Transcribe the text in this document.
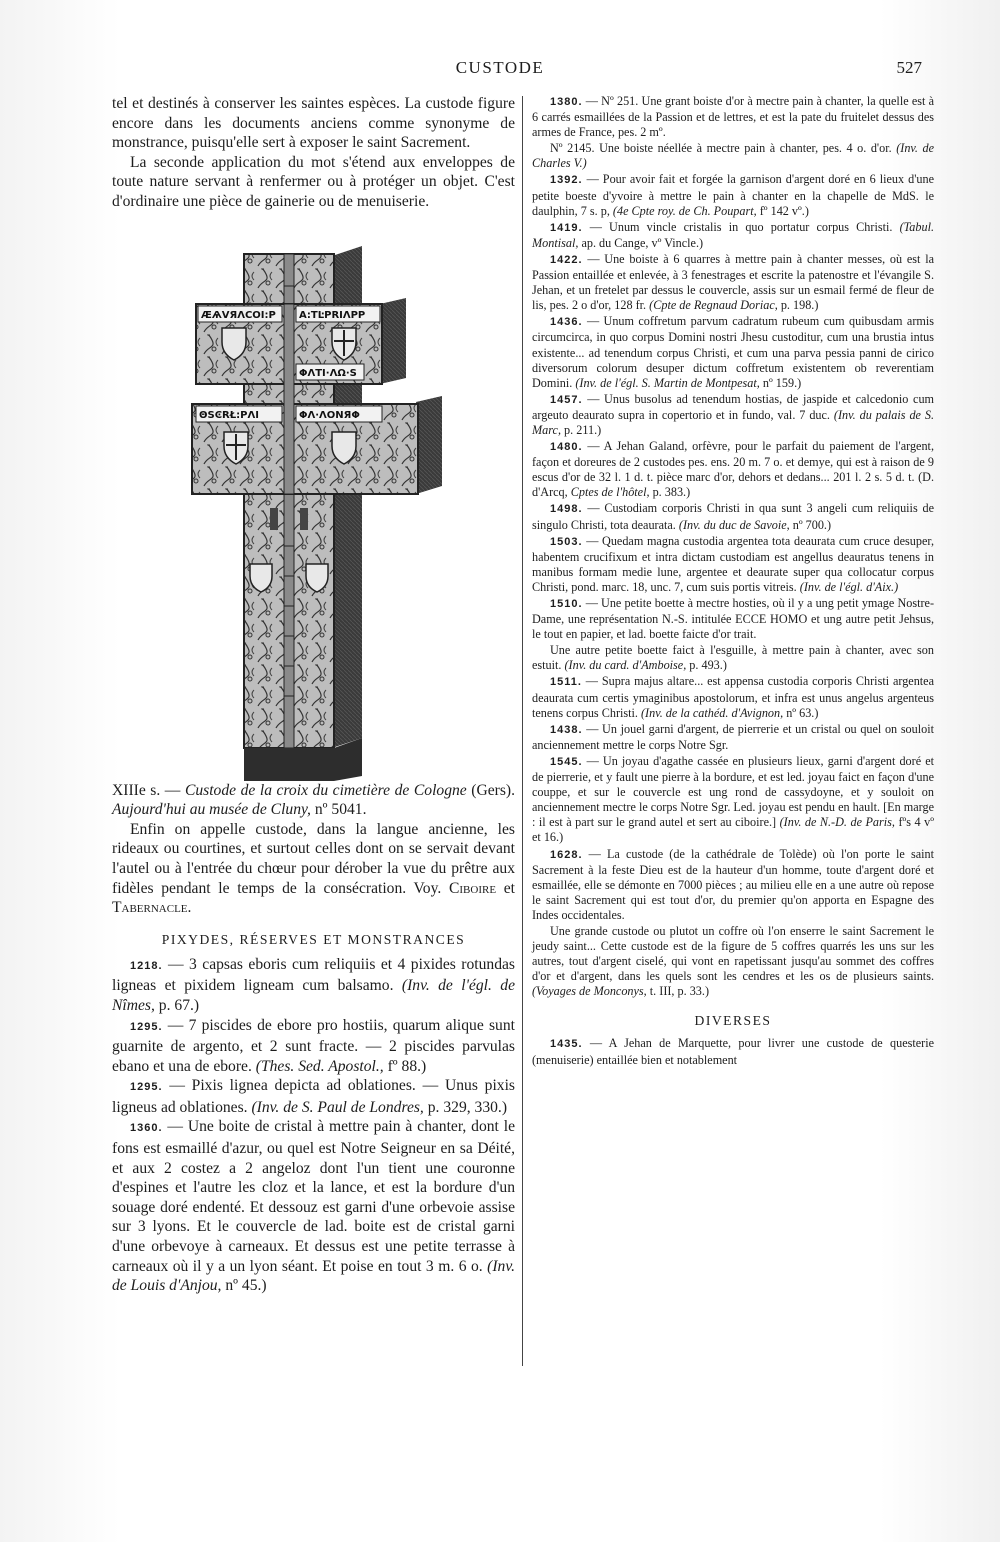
CUSTODE	527

tel et destinés à conserver les saintes espèces. La custode figure encore dans les documents anciens comme synonyme de monstrance, puisqu'elle sert à exposer le saint Sacrement.

La seconde application du mot s'étend aux enveloppes de toute nature servant à renfermer ou à protéger un objet. C'est d'ordinaire une pièce de gainerie ou de menuiserie.

ӔѦVЯΛСΟΙ:P A:TĿPRIΛPP
ΦΛTI·ΛΩ·S
ΘSϾRŁ:PΛI	ΦΛ·ΛΟNЯΦ

XIIIe s. — Custode de la croix du cimetière de Cologne (Gers). Aujourd'hui au musée de Cluny, nº 5041.

Enfin on appelle custode, dans la langue ancienne, les rideaux ou courtines, et surtout celles dont on se servait devant l'autel ou à l'entrée du chœur pour dérober la vue du prêtre aux fidèles pendant le temps de la consécration. Voy. Ciboire et Tabernacle.

PIXYDES, RÉSERVES ET MONSTRANCES

1218. — 3 capsas eboris cum reliquiis et 4 pixides rotundas ligneas et pixidem ligneam cum balsamo. (Inv. de l'égl. de Nîmes, p. 67.)

1295. — 7 piscides de ebore pro hostiis, quarum alique sunt guarnite de argento, et 2 sunt fracte. — 2 piscides parvulas ebano et una de ebore. (Thes. Sed. Apostol., fº 88.)

1295. — Pixis lignea depicta ad oblationes. — Unus pixis ligneus ad oblationes. (Inv. de S. Paul de Londres, p. 329, 330.)

1360. — Une boite de cristal à mettre pain à chanter, dont le fons est esmaillé d'azur, ou quel est Notre Seigneur en sa Déité, et aux 2 costez a 2 angeloz dont l'un tient une couronne d'espines et l'autre les cloz et la lance, et est la bordure d'un souage doré endenté. Et dessouz est garni d'une orbevoie assise sur 3 lyons. Et le couvercle de lad. boite est de cristal garni d'une orbevoye à carneaux. Et dessus est une petite terrasse à carneaux où il y a un lyon séant. Et poise en tout 3 m. 6 o. (Inv. de Louis d'Anjou, nº 45.)

1380. — Nº 251. Une grant boiste d'or à mectre pain à chanter, la quelle est à 6 carrés esmaillées de la Passion et de lettres, et est la pate du fruitelet dessus des armes de France, pes. 2 mº.

Nº 2145. Une boiste néellée à mectre pain à chanter, pes. 4 o. d'or. (Inv. de Charles V.)

1392. — Pour avoir fait et forgée la garnison d'argent doré en 6 lieux d'une petite boeste d'yvoire à mettre le pain à chanter en la chapelle de MdS. le daulphin, 7 s. p, (4e Cpte roy. de Ch. Poupart, fº 142 vº.)

1419. — Unum vincle cristalis in quo portatur corpus Christi. (Tabul. Montisal, ap. du Cange, vº Vincle.)

1422. — Une boiste à 6 quarres à mettre pain à chanter messes, où est la Passion entaillée et enlevée, à 3 fenestrages et escrite la patenostre et l'évangile S. Jehan, et un fretelet par dessus le couvercle, assis sur un esmail fermé de fleur de lis, pes. 2 o d'or, 128 fr. (Cpte de Regnaud Doriac, p. 198.)

1436. — Unum coffretum parvum cadratum rubeum cum quibusdam armis circumcirca, in quo corpus Domini nostri Jhesu custoditur, cum una brustia intus existente... ad tenendum corpus Christi, et cum una parva pessia panni de cirico diversorum colorum desuper dictum coffretum existentem ob reverentiam Domini. (Inv. de l'égl. S. Martin de Montpesat, nº 159.)

1457. — Unus busolus ad tenendum hostias, de jaspide et calcedonio cum argeuto deaurato supra in copertorio et in fundo, val. 7 duc. (Inv. du palais de S. Marc, p. 211.)

1480. — A Jehan Galand, orfèvre, pour le parfait du paiement de l'argent, façon et doreures de 2 custodes pes. ens. 20 m. 7 o. et demye, qui est à raison de 9 escus d'or de 32 l. 1 d. t. pièce marc d'or, dehors et dedans... 201 l. 2 s. 5 d. t. (D. d'Arcq, Cptes de l'hôtel, p. 383.)

1498. — Custodiam corporis Christi in qua sunt 3 angeli cum reliquiis de singulo Christi, tota deaurata. (Inv. du duc de Savoie, nº 700.)

1503. — Quedam magna custodia argentea tota deaurata cum cruce desuper, habentem crucifixum et intra dictam custodiam est angellus deauratus tenens in manibus formam medie lune, argentee et deaurate super qua collocatur corpus Christi, pond. marc. 18, unc. 7, cum suis portis vitreis. (Inv. de l'égl. d'Aix.)

1510. — Une petite boette à mectre hosties, où il y a ung petit ymage Nostre-Dame, une représentation N.-S. intitulée ECCE HOMO et ung autre petit Jehsus, le tout en papier, et lad. boette faicte d'or trait.

Une autre petite boette faict à l'esguille, à mettre pain à chanter, avec son estuit. (Inv. du card. d'Amboise, p. 493.)

1511. — Supra majus altare... est appensa custodia corporis Christi argentea deaurata cum certis ymaginibus apostolorum, et infra est unus angelus argenteus tenens corpus Christi. (Inv. de la cathéd. d'Avignon, nº 63.)

1438. — Un jouel garni d'argent, de pierrerie et un cristal ou quel on souloit anciennement mettre le corps Notre Sgr.

1545. — Un joyau d'agathe cassée en plusieurs lieux, garni d'argent doré et de pierrerie, et y fault une pierre à la bordure, et est led. joyau faict en façon d'une couppe, et sur le couvercle est ung rond de cassydoyne, et y souloit on anciennement mectre le corps Notre Sgr. Led. joyau est pendu en hault. [En marge : il est à part sur le grand autel et sert au ciboire.] (Inv. de N.-D. de Paris, fºs 4 vº et 16.)

1628. — La custode (de la cathédrale de Tolède) où l'on porte le saint Sacrement à la feste Dieu est de la hauteur d'un homme, toute d'argent doré et esmaillée, elle se démonte en 7000 pièces ; au milieu elle en a une autre où repose le saint Sacrement qui est tout d'or, du premier qu'on apporta en Espagne des Indes occidentales.

Une grande custode ou plutot un coffre où l'on enserre le saint Sacrement le jeudy saint... Cette custode est de la figure de 5 coffres quarrés les uns sur les autres, tout d'argent ciselé, qui vont en rapetissant jusqu'au sommet des coffres d'or et d'argent, dans les quels sont les cendres et les os de plusieurs saints. (Voyages de Monconys, t. III, p. 33.)

DIVERSES

1435. — A Jehan de Marquette, pour livrer une custode de questerie (menuiserie) entaillée bien et notablement
